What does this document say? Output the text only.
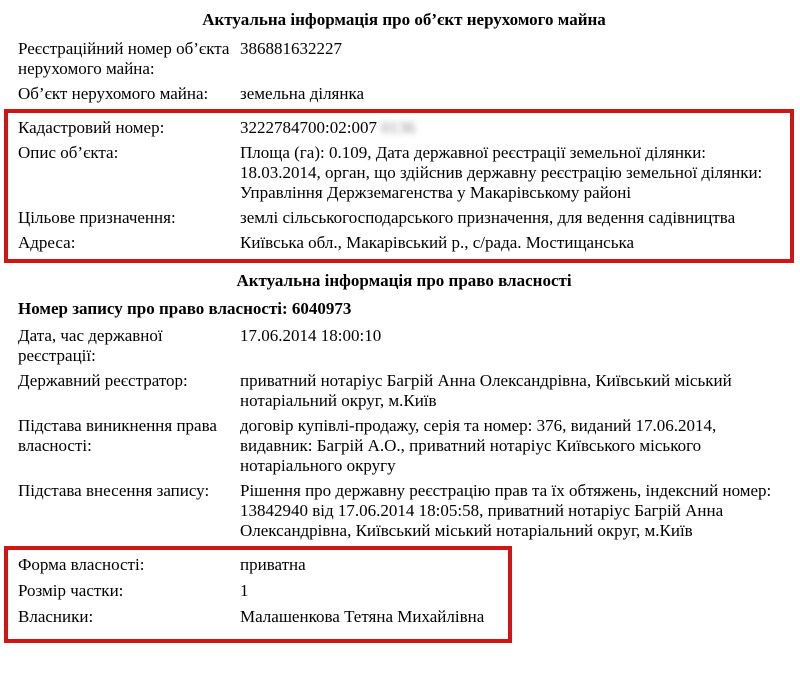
Актуальна інформація про об’єкт нерухомого майна
Реєстраційний номер об’єкта нерухомого майна:
386881632227
Об’єкт нерухомого майна:	земельна ділянка
Кадастровий номер:	3222784700:02:007 0136
Опис об’єкта:	Площа (га): 0.109, Дата державної реєстрації земельної ділянки: 18.03.2014, орган, що здійснив державну реєстрацію земельної ділянки: Управління Держземагенства у Макарівському районі
Цільове призначення:	землі сільськогосподарського призначення, для ведення садівництва
Адреса:	Київська обл., Макарівський р., с/рада. Мостищанська
Актуальна інформація про право власності
Номер запису про право власності: 6040973
Дата, час державної реєстрації:
17.06.2014 18:00:10
Державний реєстратор:	приватний нотаріус Багрій Анна Олександрівна, Київський міський нотаріальний округ, м.Київ
Підстава виникнення права власності:
договір купівлі-продажу, серія та номер: 376, виданий 17.06.2014, видавник: Багрій А.О., приватний нотаріус Київського міського нотаріального округу
Підстава внесення запису:	Рішення про державну реєстрацію прав та їх обтяжень, індексний номер: 13842940 від 17.06.2014 18:05:58, приватний нотаріус Багрій Анна Олександрівна, Київський міський нотаріальний округ, м.Київ
Форма власності:	приватна
Розмір частки:	1
Власники:	Малашенкова Тетяна Михайлівна
